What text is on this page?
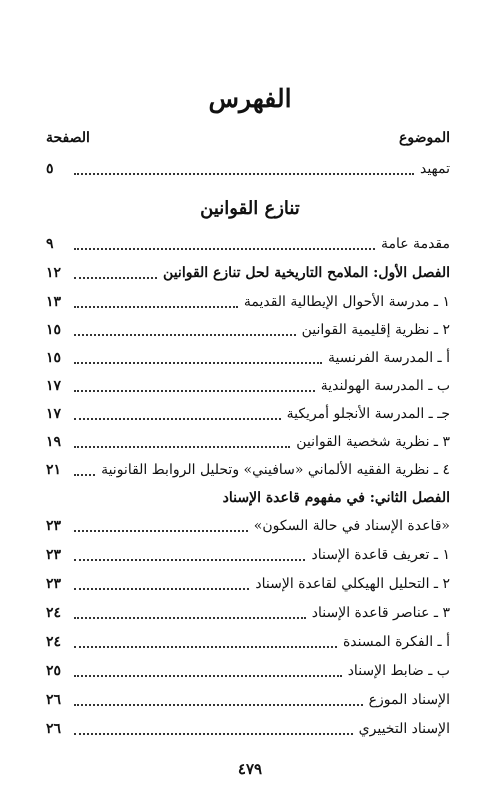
الفهرس
الموضوع
الصفحة
تمهيد
٥
تنازع القوانين
مقدمة عامة
٩
الفصل الأول: الملامح التاريخية لحل تنازع القوانين
١٢
١ ـ مدرسة الأحوال الإيطالية القديمة
١٣
٢ ـ نظرية إقليمية القوانين
١٥
أ ـ المدرسة الفرنسية
١٥
ب ـ المدرسة الهولندية
١٧
جـ ـ المدرسة الأنجلو أمريكية
١٧
٣ ـ نظرية شخصية القوانين
١٩
٤ ـ نظرية الفقيه الألماني «سافيني» وتحليل الروابط القانونية
٢١
الفصل الثاني: في مفهوم قاعدة الإسناد
«قاعدة الإسناد في حالة السكون»
٢٣
١ ـ تعريف قاعدة الإسناد
٢٣
٢ ـ التحليل الهيكلي لقاعدة الإسناد
٢٣
٣ ـ عناصر قاعدة الإسناد
٢٤
أ ـ الفكرة المسندة
٢٤
ب ـ ضابط الإسناد
٢٥
الإسناد الموزع
٢٦
الإسناد التخييري
٢٦
٤٧٩
